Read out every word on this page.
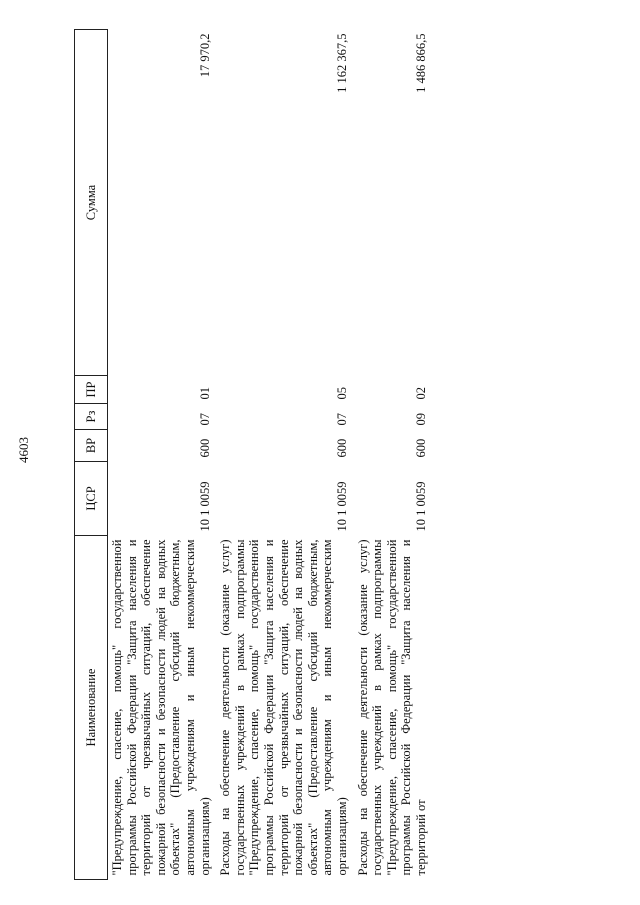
4603
Наименование	ЦСР	ВР	Рз	ПР	Сумма
"Предупреждение, спасение, помощь" государственной программы Российской Федерации "Защита населения и территорий от чрезвычайных ситуаций, обеспечение пожарной безопасности и безопасности людей на водных объектах" (Предоставление субсидий бюджетным, автономным учреждениям и иным некоммерческим организациям)	10 1 0059	600	07	01	17 970,2
Расходы на обеспечение деятельности (оказание услуг) государственных учреждений в рамках подпрограммы "Предупреждение, спасение, помощь" государственной программы Российской Федерации "Защита населения и территорий от чрезвычайных ситуаций, обеспечение пожарной безопасности и безопасности людей на водных объектах" (Предоставление субсидий бюджетным, автономным учреждениям и иным некоммерческим организациям)	10 1 0059	600	07	05	1 162 367,5
Расходы на обеспечение деятельности (оказание услуг) государственных учреждений в рамках подпрограммы "Предупреждение, спасение, помощь" государственной программы Российской Федерации "Защита населения и территорий от	10 1 0059	600	09	02	1 486 866,5
